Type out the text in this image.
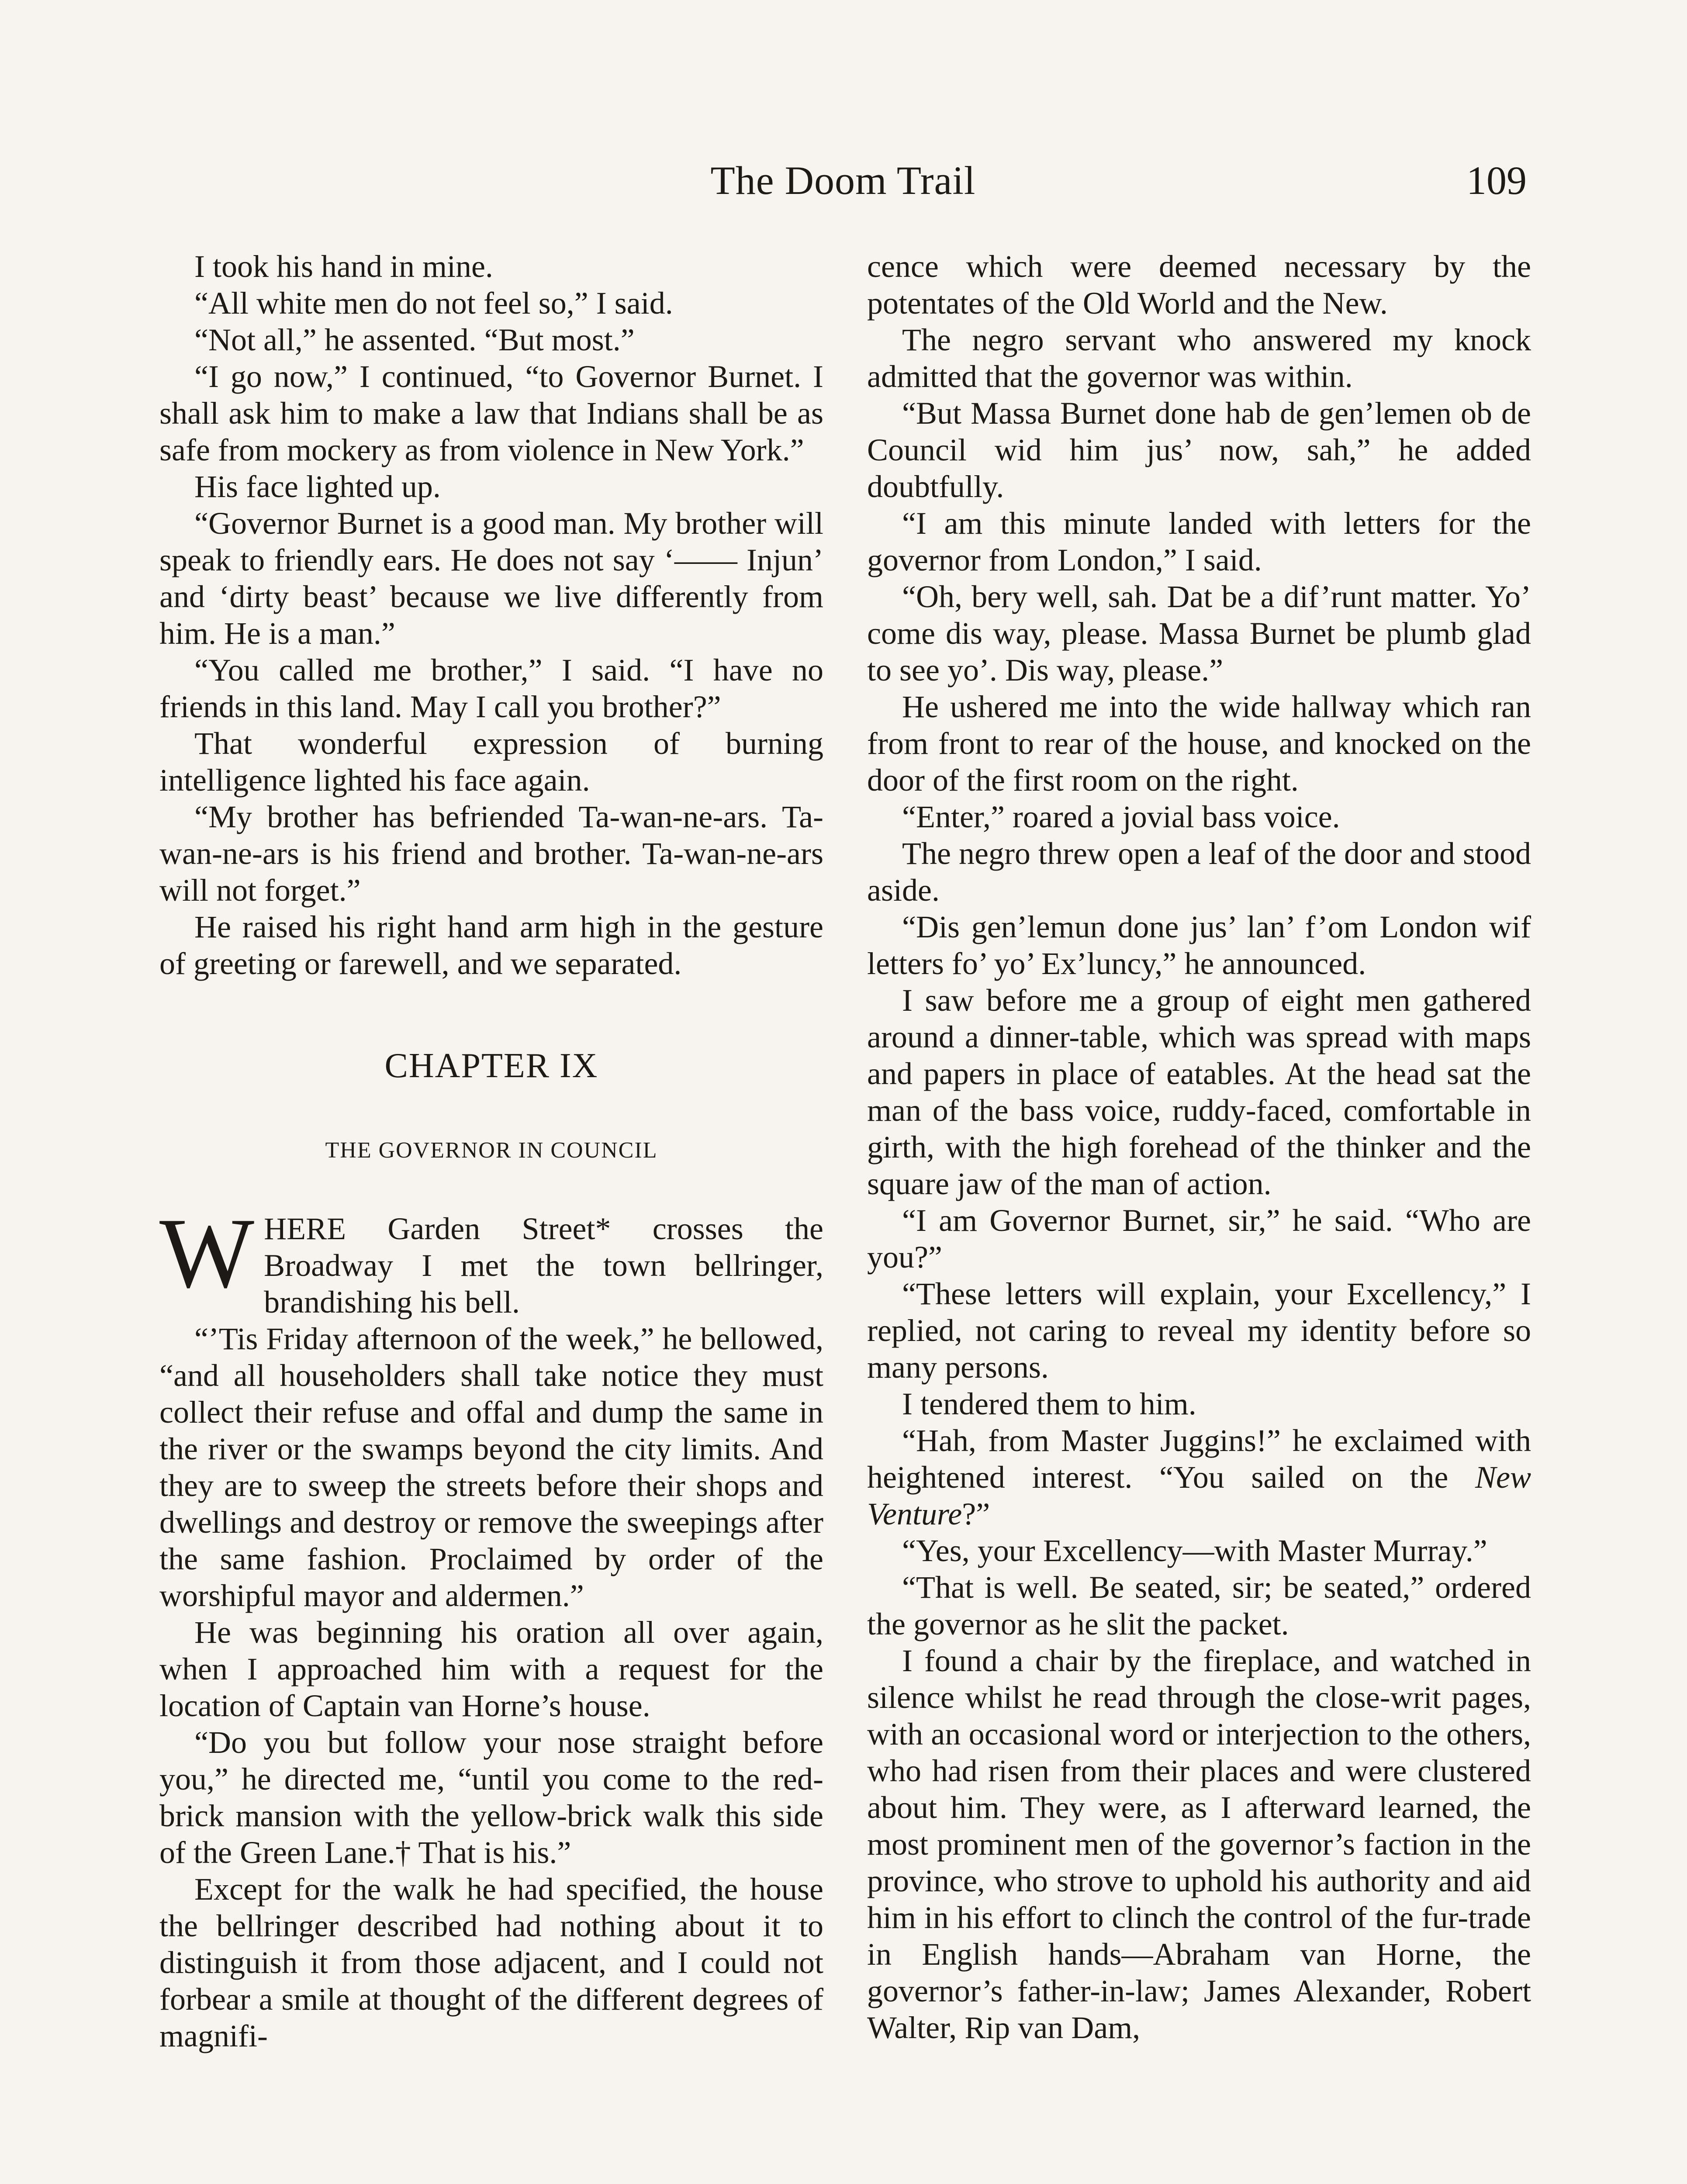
The Doom Trail	109

I took his hand in mine.

“All white men do not feel so,” I said.

“Not all,” he assented. “But most.”

“I go now,” I continued, “to Governor Burnet. I shall ask him to make a law that Indians shall be as safe from mockery as from violence in New York.”

His face lighted up.

“Governor Burnet is a good man. My brother will speak to friendly ears. He does not say ‘—— Injun’ and ‘dirty beast’ because we live differently from him. He is a man.”

“You called me brother,” I said. “I have no friends in this land. May I call you brother?”

That wonderful expression of burning intelligence lighted his face again.

“My brother has befriended Ta-wan-ne-ars. Ta-wan-ne-ars is his friend and brother. Ta-wan-ne-ars will not forget.”

He raised his right hand arm high in the gesture of greeting or farewell, and we separated.

CHAPTER IX
THE GOVERNOR IN COUNCIL

WHERE Garden Street* crosses the Broadway I met the town bellringer, brandishing his bell.

“’Tis Friday afternoon of the week,” he bellowed, “and all householders shall take notice they must collect their refuse and offal and dump the same in the river or the swamps beyond the city limits. And they are to sweep the streets before their shops and dwellings and destroy or remove the sweepings after the same fashion. Proclaimed by order of the worshipful mayor and aldermen.”

He was beginning his oration all over again, when I approached him with a request for the location of Captain van Horne’s house.

“Do you but follow your nose straight before you,” he directed me, “until you come to the red-brick mansion with the yellow-brick walk this side of the Green Lane.† That is his.”

Except for the walk he had specified, the house the bellringer described had nothing about it to distinguish it from those adjacent, and I could not forbear a smile at thought of the different degrees of magnifi-

cence which were deemed necessary by the potentates of the Old World and the New.

The negro servant who answered my knock admitted that the governor was within.

“But Massa Burnet done hab de gen’lemen ob de Council wid him jus’ now, sah,” he added doubtfully.

“I am this minute landed with letters for the governor from London,” I said.

“Oh, bery well, sah. Dat be a dif’runt matter. Yo’ come dis way, please. Massa Burnet be plumb glad to see yo’. Dis way, please.”

He ushered me into the wide hallway which ran from front to rear of the house, and knocked on the door of the first room on the right.

“Enter,” roared a jovial bass voice.

The negro threw open a leaf of the door and stood aside.

“Dis gen’lemun done jus’ lan’ f’om London wif letters fo’ yo’ Ex’luncy,” he announced.

I saw before me a group of eight men gathered around a dinner-table, which was spread with maps and papers in place of eatables. At the head sat the man of the bass voice, ruddy-faced, comfortable in girth, with the high forehead of the thinker and the square jaw of the man of action.

“I am Governor Burnet, sir,” he said. “Who are you?”

“These letters will explain, your Excellency,” I replied, not caring to reveal my identity before so many persons.

I tendered them to him.

“Hah, from Master Juggins!” he exclaimed with heightened interest. “You sailed on the New Venture?”

“Yes, your Excellency—with Master Murray.”

“That is well. Be seated, sir; be seated,” ordered the governor as he slit the packet.

I found a chair by the fireplace, and watched in silence whilst he read through the close-writ pages, with an occasional word or interjection to the others, who had risen from their places and were clustered about him. They were, as I afterward learned, the most prominent men of the governor’s faction in the province, who strove to uphold his authority and aid him in his effort to clinch the control of the fur-trade in English hands—Abraham van Horne, the governor’s father-in-law; James Alexander, Robert Walter, Rip van Dam,
